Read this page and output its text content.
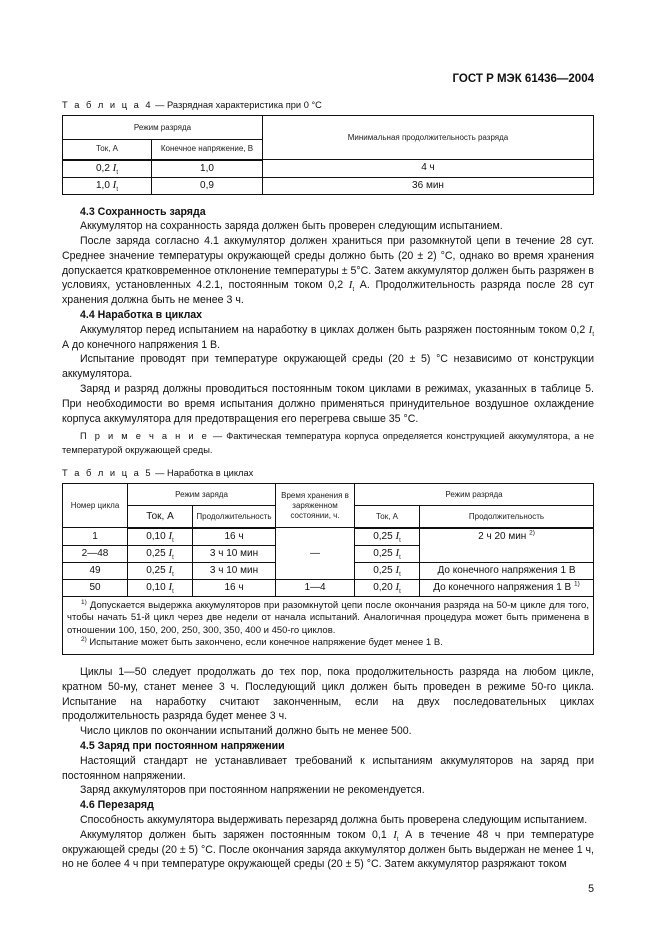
ГОСТ Р МЭК 61436—2004
Т а б л и ц а 4 — Разрядная характеристика при 0 °С
Режим разряда		Минимальная продолжительность разряда
Ток, А	Конечное напряжение, В	
0,2 $I_t$	1,0	4 ч
1,0 $I_t$	0,9	36 мин
4.3 Сохранность заряда

Аккумулятор на сохранность заряда должен быть проверен следующим испытанием.

После заряда согласно 4.1 аккумулятор должен храниться при разомкнутой цепи в течение 28 сут. Среднее значение температуры окружающей среды должно быть (20 ± 2) °С, однако во время хранения допускается кратковременное отклонение температуры ± 5°С. Затем аккумулятор должен быть разряжен в условиях, установленных 4.2.1, постоянным током 0,2 $I_t$ А. Продолжительность разряда после 28 сут хранения должна быть не менее 3 ч.

4.4 Наработка в циклах

Аккумулятор перед испытанием на наработку в циклах должен быть разряжен постоянным током 0,2 $I_t$ А до конечного напряжения 1 В.

Испытание проводят при температуре окружающей среды (20 ± 5) °С независимо от конструкции аккумулятора.

Заряд и разряд должны проводиться постоянным током циклами в режимах, указанных в таблице 5. При необходимости во время испытания должно применяться принудительное воздушное охлаждение корпуса аккумулятора для предотвращения его перегрева свыше 35 °С.

П р и м е ч а н и е — Фактическая температура корпуса определяется конструкцией аккумулятора, а не температурой окружающей среды.
Т а б л и ц а 5 — Наработка в циклах
Номер цикла	Режим заряда		Время хранения в заряженном состоянии, ч.	Режим разряда	
	Ток, А	Продолжительность		Ток, А	Продолжительность
1	0,10 $I_t$	16 ч	—	0,25 $I_t$	2 ч 20 мин $^{2)}$
2—48	0,25 $I_t$	3 ч 10 мин		0,25 $I_t$
49	0,25 $I_t$	3 ч 10 мин		0,25 $I_t$	До конечного напряжения 1 В
50	0,10 $I_t$	16 ч	1—4	0,20 $I_t$	До конечного напряжения 1 В $^{1)}$

$^{1)}$ Допускается выдержка аккумуляторов при разомкнутой цепи после окончания разряда на 50-м цикле для того, чтобы начать 51-й цикл через две недели от начала испытаний. Аналогичная процедура может быть применена в отношении 100, 150, 200, 250, 300, 350, 400 и 450-го циклов.
$^{2)}$ Испытание может быть закончено, если конечное напряжение будет менее 1 В.					

Циклы 1—50 следует продолжать до тех пор, пока продолжительность разряда на любом цикле, кратном 50-му, станет менее 3 ч. Последующий цикл должен быть проведен в режиме 50-го цикла. Испытание на наработку считают законченным, если на двух последовательных циклах продолжительность разряда будет менее 3 ч.

Число циклов по окончании испытаний должно быть не менее 500.

4.5 Заряд при постоянном напряжении

Настоящий стандарт не устанавливает требований к испытаниям аккумуляторов на заряд при постоянном напряжении.

Заряд аккумуляторов при постоянном напряжении не рекомендуется.

4.6 Перезаряд

Способность аккумулятора выдерживать перезаряд должна быть проверена следующим испытанием.

Аккумулятор должен быть заряжен постоянным током 0,1 $I_t$ А в течение 48 ч при температуре окружающей среды (20 ± 5) °С. После окончания заряда аккумулятор должен быть выдержан не менее 1 ч, но не более 4 ч при температуре окружающей среды (20 ± 5) °С. Затем аккумулятор разряжают током

5
